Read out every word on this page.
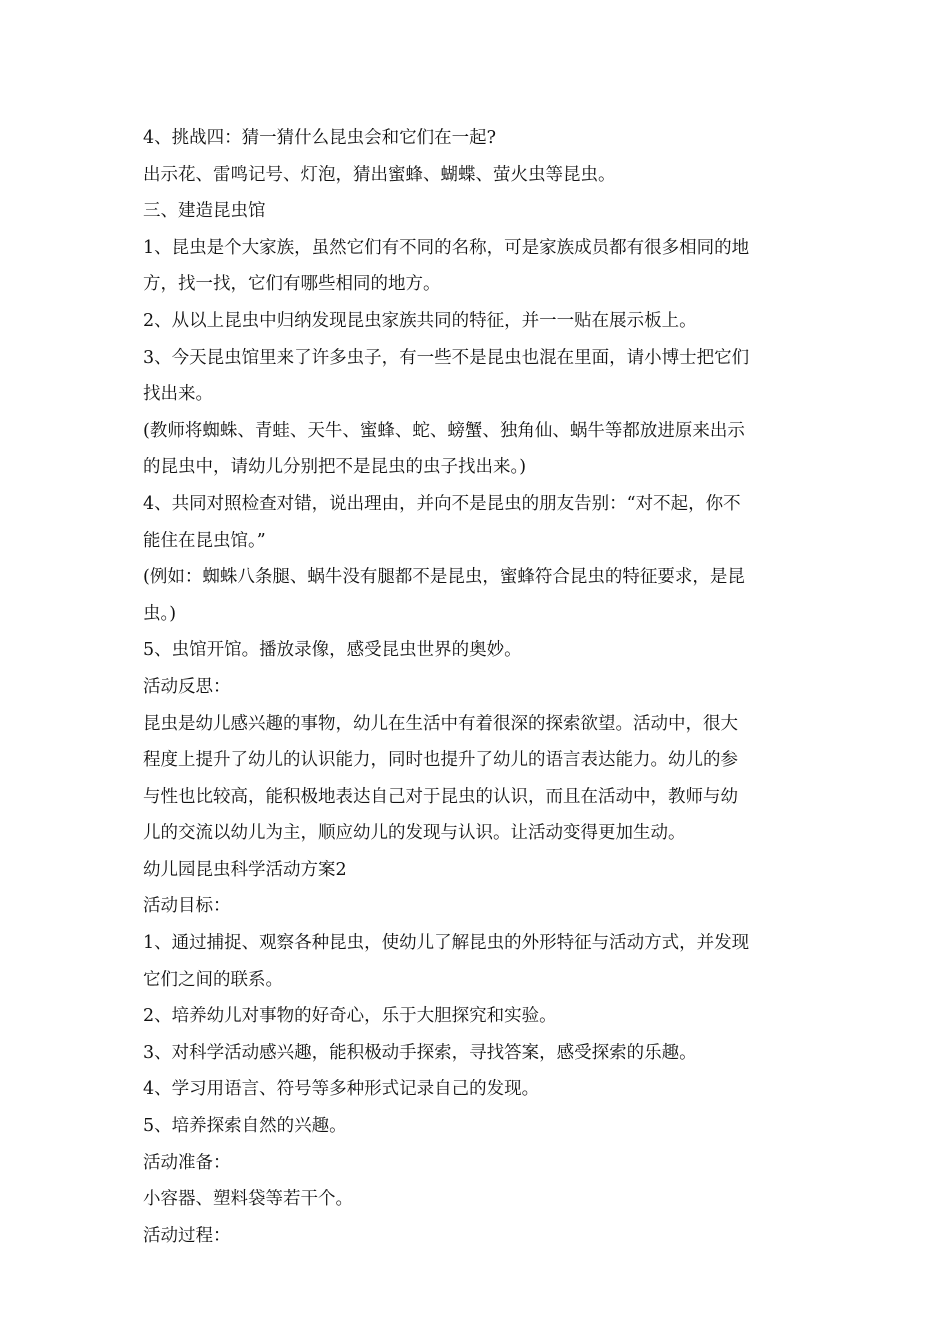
4、挑战四：猜一猜什么昆虫会和它们在一起?
出示花、雷鸣记号、灯泡，猜出蜜蜂、蝴蝶、萤火虫等昆虫。
三、建造昆虫馆
1、昆虫是个大家族，虽然它们有不同的名称，可是家族成员都有很多相同的地
方，找一找，它们有哪些相同的地方。
2、从以上昆虫中归纳发现昆虫家族共同的特征，并一一贴在展示板上。
3、今天昆虫馆里来了许多虫子，有一些不是昆虫也混在里面，请小博士把它们
找出来。
(教师将蜘蛛、青蛙、天牛、蜜蜂、蛇、螃蟹、独角仙、蜗牛等都放进原来出示
的昆虫中，请幼儿分别把不是昆虫的虫子找出来。)
4、共同对照检查对错，说出理由，并向不是昆虫的朋友告别：“对不起，你不
能住在昆虫馆。”
(例如：蜘蛛八条腿、蜗牛没有腿都不是昆虫，蜜蜂符合昆虫的特征要求，是昆
虫。)
5、虫馆开馆。播放录像，感受昆虫世界的奥妙。
活动反思：
昆虫是幼儿感兴趣的事物，幼儿在生活中有着很深的探索欲望。活动中，很大
程度上提升了幼儿的认识能力，同时也提升了幼儿的语言表达能力。幼儿的参
与性也比较高，能积极地表达自己对于昆虫的认识，而且在活动中，教师与幼
儿的交流以幼儿为主，顺应幼儿的发现与认识。让活动变得更加生动。
幼儿园昆虫科学活动方案2
活动目标：
1、通过捕捉、观察各种昆虫，使幼儿了解昆虫的外形特征与活动方式，并发现
它们之间的联系。
2、培养幼儿对事物的好奇心，乐于大胆探究和实验。
3、对科学活动感兴趣，能积极动手探索，寻找答案，感受探索的乐趣。
4、学习用语言、符号等多种形式记录自己的发现。
5、培养探索自然的兴趣。
活动准备：
小容器、塑料袋等若干个。
活动过程：
